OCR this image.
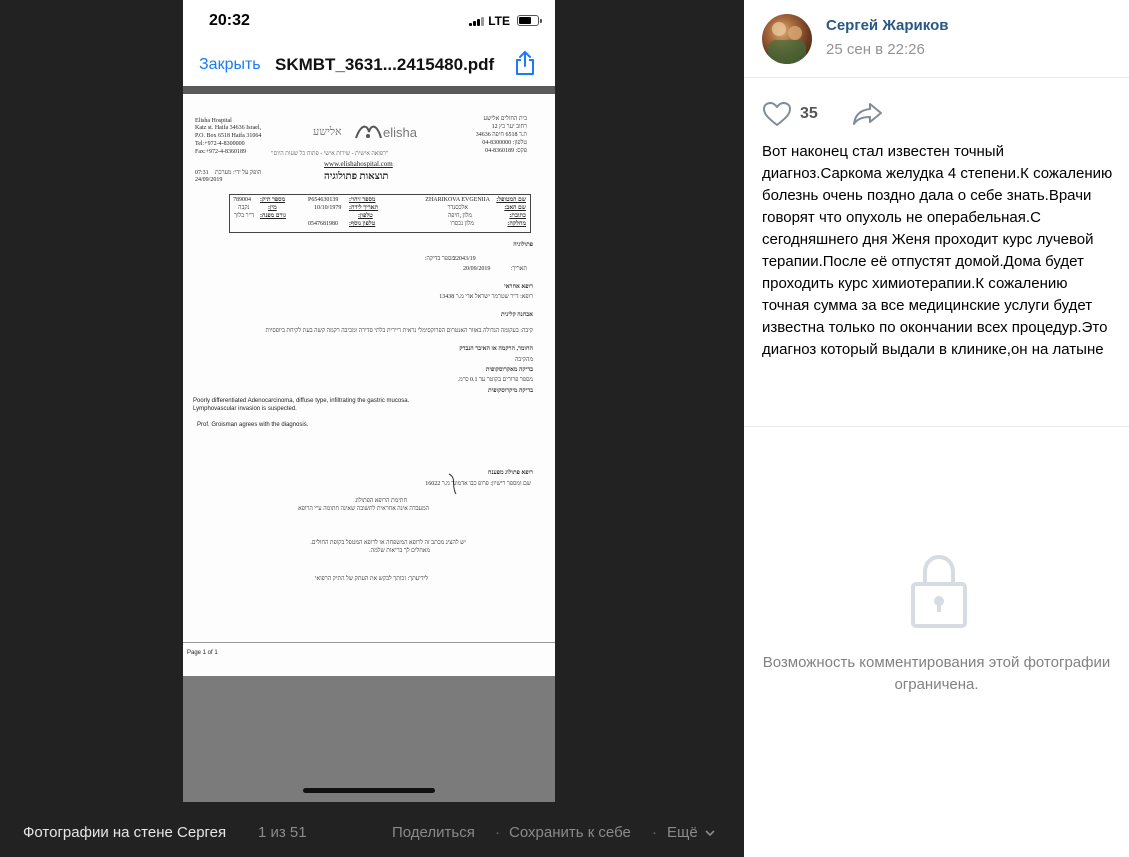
20:32	LTE
Закрыть SKMBT_3631...2415480.pdf
Elisha Hospital
Katz st. Haifa 34636 Israel,
P.O. Box 6518 Haifa 31064
Tel:+972-4-8300000
Fax:+972-4-8360189
בית החולים אלישע
רחוב יער כץ 12
ת.ד 6518 חיפה 34636
טלפון: 04-8300000
פקס: 04-8360189
elisha
אלישע
"רפואה אישית - שירות אישי - פתוח כל שעות היום"
www.elishahospital.com
תוצאות פתולוגיה
07:31 הופק על ידי: מערכת
24/09/2019
שם המטופל:
ZHARIKOVA EVGENIIA
שם האב:
אלכסנדר
כתובת:
מלון ,חיפה
מחלקה:
מלון נכסרו
מספר זיהוי:
P654630139
תאריך לידה:
10/10/1979
טלפון:
טלפון נוסף:
0547681980
מספר תיק:
789004
מין:
נקבה
גורם מפנה:
ד"ר בלוך
פתולוגיה
מספר בדיקה:
22043/19
תאריך:
20/09/2019
רופא אחראי
רופא: ד"ר שטרמר ישראל אדי מ.ר 13438
אבחנה קלינית
קיבה: בעקומה הגדולה באזור האנטרום הפרוקסימלי נראית ריירית בלתי סדירה ומכיבה רקמה קשה בעת לקיחת ביופסיות
החומר, הרקמה או האיבר הנבדק
מהקיבה
בדיקה מאקרוסקופית
מספר פרורים בקוטר עד 0.1 ס"מ.
בדיקה מיקרוסקופית
Poorly differentiated Adenocarcinoma, diffuse type, infiltrating the gastric mucosa.
Lymphovascular invasion is suspected.
Prof. Groisman agrees with the diagnosis.
רופא פתולוג מפענח
שם ומספר רישיון: פרופ כבו אדמונד מ.ר 16022
חתימת הרופא הפתולוג
המעבדה אינה אחראית לתשובה שאינה חתומה ע"י הרופא
יש להציג מכתב זה לרופא המשפחה או לרופא המטפל בקופת החולים.
מאחלים לך בריאות שלמה.
לידיעתך: זכותך לבקש את העתק של התיק הרפואי
Page 1 of 1
Фотографии на стене Сергея 1 из 51	Поделиться · Сохранить к себе · Ещё
Сергей Жариков
25 сен в 22:26
35
Вот наконец стал известен точный диагноз.Саркома желудка 4 степени.К сожалению болезнь очень поздно дала о себе знать.Врачи говорят что опухоль не операбельная.С сегодняшнего дня Женя проходит курс лучевой терапии.После её отпустят домой.Дома будет проходить курс химиотерапии.К сожалению точная сумма за все медицинские услуги будет известна только по окончании всех процедур.Это диагноз который выдали в клинике,он на латыне
Возможность комментирования этой фотографии ограничена.
